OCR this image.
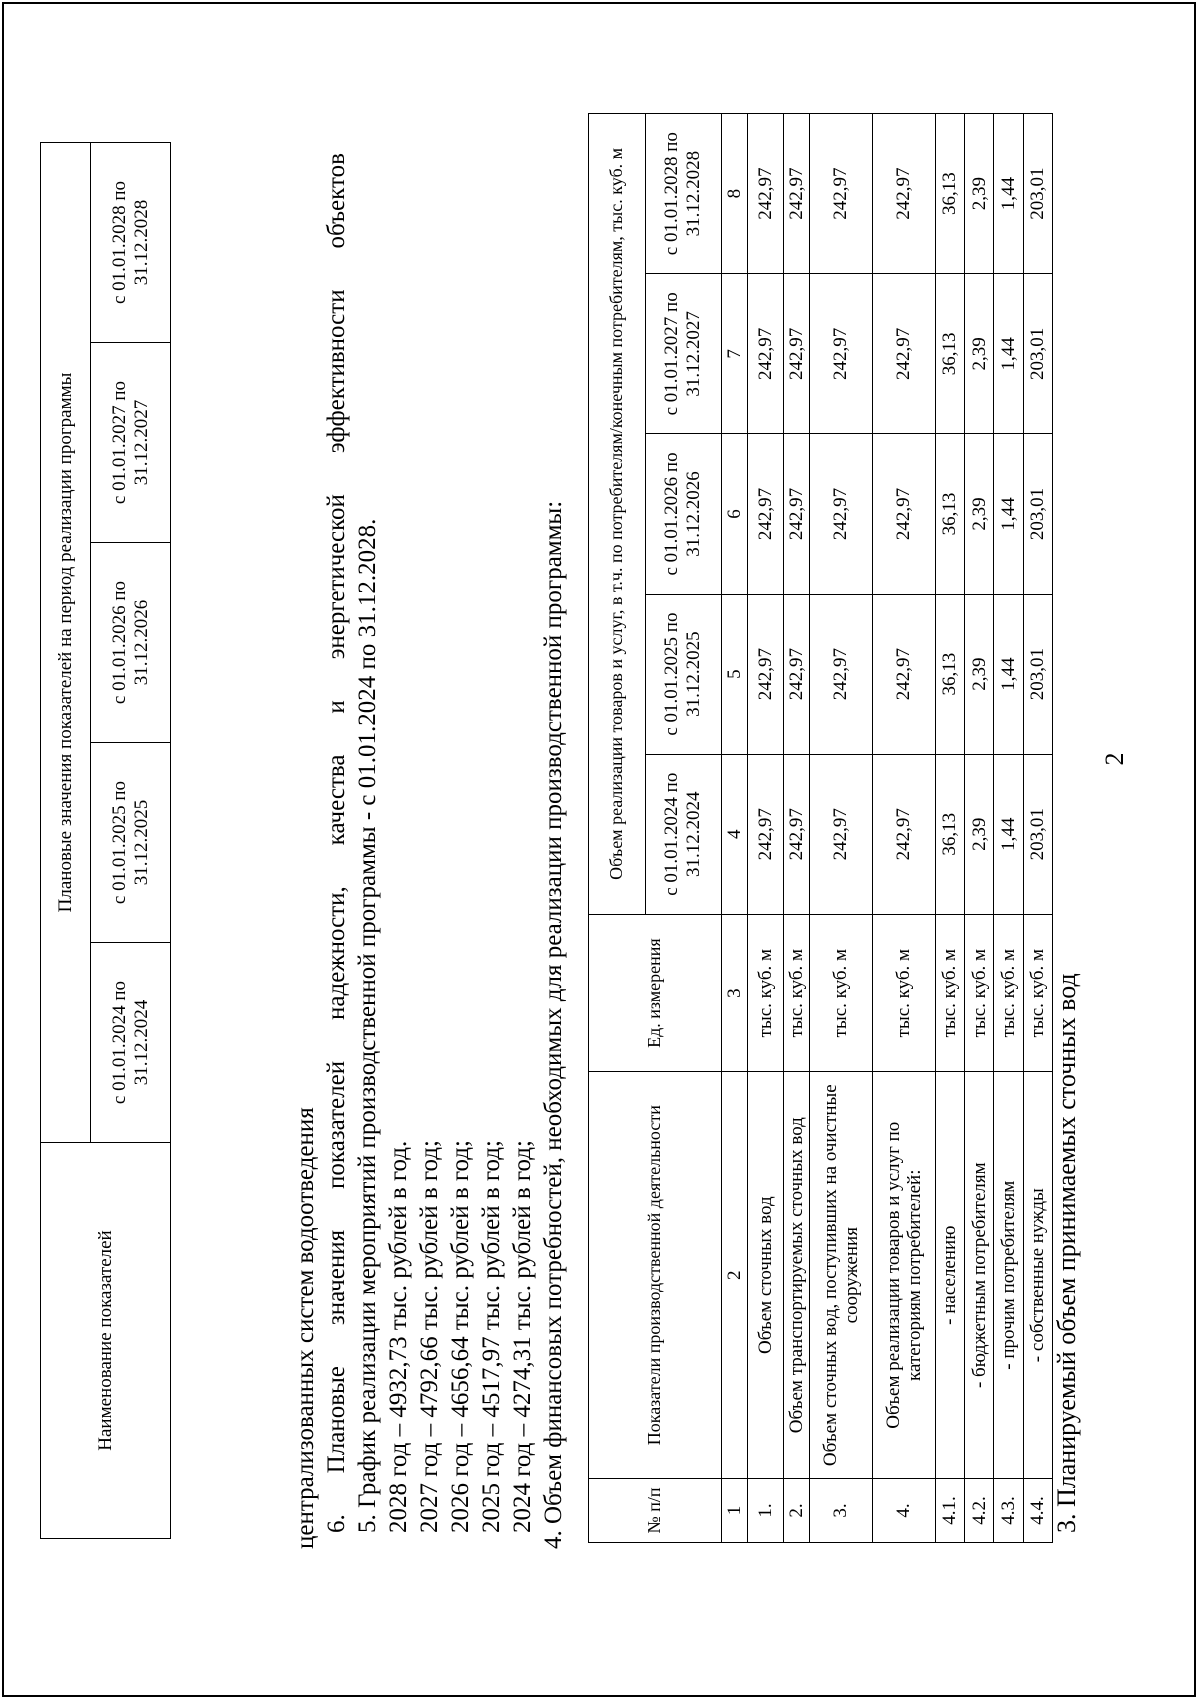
2
3. Планируемый объем принимаемых сточных вод
№ п/п	Показатели производственной деятельности	Ед. измерения	Объем реализации товаров и услуг, в т.ч. по потребителям/конечным потребителям, тыс. куб. м				
			с 01.01.2024 по 31.12.2024	с 01.01.2025 по 31.12.2025	с 01.01.2026 по 31.12.2026	с 01.01.2027 по 31.12.2027	с 01.01.2028 по 31.12.2028
1	2	3	4	5	6	7	8
1.	Объем сточных вод	тыс. куб. м	242,97	242,97	242,97	242,97	242,97
2.	Объем транспортируемых сточных вод	тыс. куб. м	242,97	242,97	242,97	242,97	242,97
3.	Объем сточных вод, поступивших на очистные сооружения	тыс. куб. м	242,97	242,97	242,97	242,97	242,97
4.	Объем реализации товаров и услуг по категориям потребителей:	тыс. куб. м	242,97	242,97	242,97	242,97	242,97
4.1.	- населению	тыс. куб. м	36,13	36,13	36,13	36,13	36,13
4.2.	- бюджетным потребителям	тыс. куб. м	2,39	2,39	2,39	2,39	2,39
4.3.	- прочим потребителям	тыс. куб. м	1,44	1,44	1,44	1,44	1,44
4.4.	- собственные нужды	тыс. куб. м	203,01	203,01	203,01	203,01	203,01
4. Объем финансовых потребностей, необходимых для реализации производственной программы:
2024 год – 4274,31 тыс. рублей в год;
2025 год – 4517,97 тыс. рублей в год;
2026 год – 4656,64 тыс. рублей в год;
2027 год – 4792,66 тыс. рублей в год;
2028 год – 4932,73 тыс. рублей в год.
5. График реализации мероприятий производственной программы - с 01.01.2024 по 31.12.2028.
6.
Плановые
значения
показателей
надежности,
качества
и
энергетической
эффективности
объектов
централизованных систем водоотведения
Наименование показателей	Плановые значения показателей на период реализации программы				
	с 01.01.2024 по 31.12.2024	с 01.01.2025 по 31.12.2025	с 01.01.2026 по 31.12.2026	с 01.01.2027 по 31.12.2027	с 01.01.2028 по 31.12.2028
